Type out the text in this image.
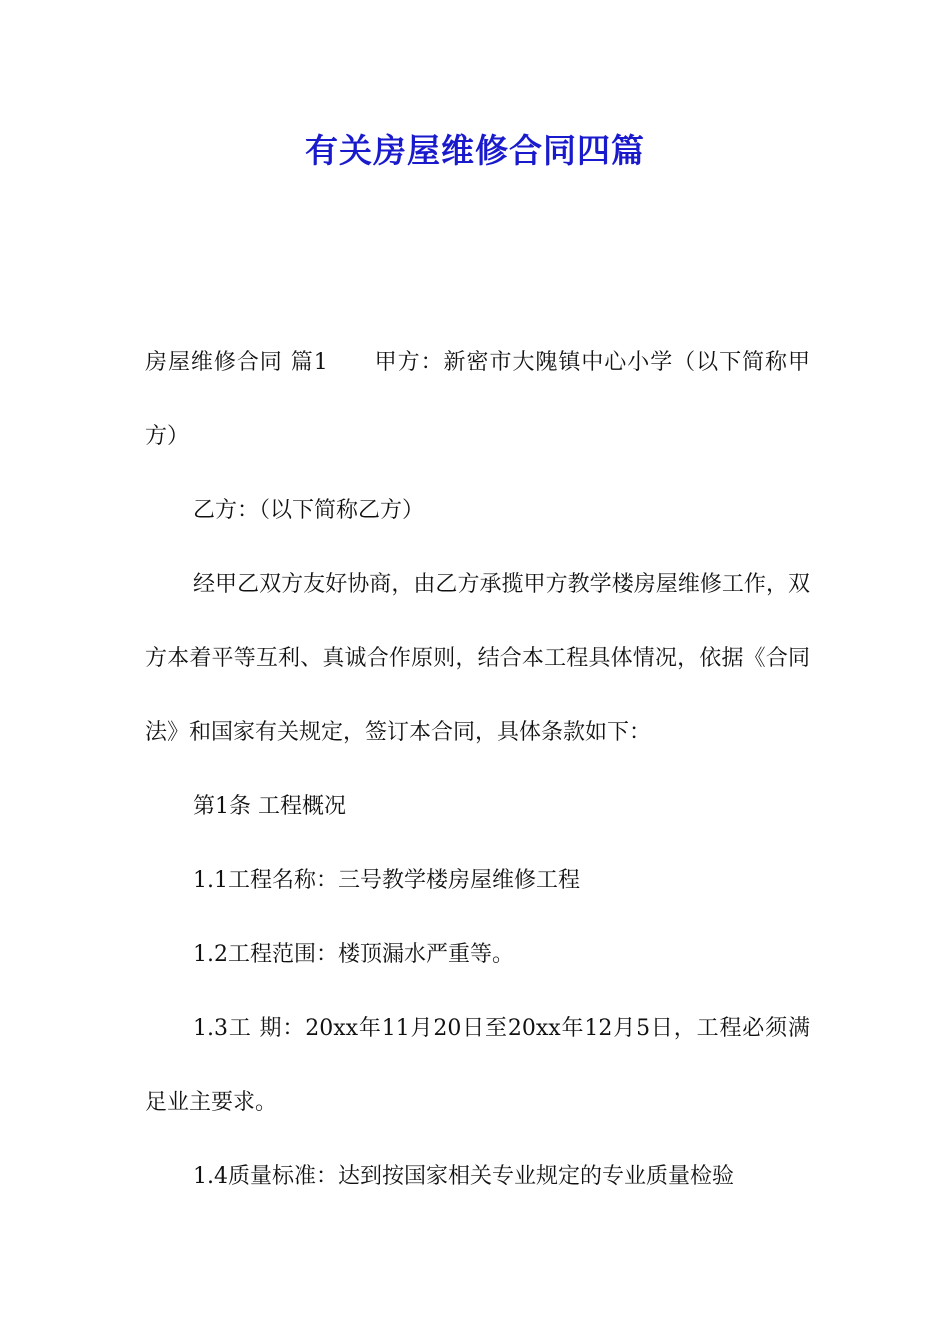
有关房屋维修合同四篇

房屋维修合同 篇1 甲方：新密市大隗镇中心小学（以下简称甲方）

乙方：（以下简称乙方）

经甲乙双方友好协商，由乙方承揽甲方教学楼房屋维修工作，双方本着平等互利、真诚合作原则，结合本工程具体情况，依据《合同法》和国家有关规定，签订本合同，具体条款如下：

第1条 工程概况

1.1工程名称：三号教学楼房屋维修工程

1.2工程范围：楼顶漏水严重等。

1.3工 期：20xx年11月20日至20xx年12月5日，工程必须满足业主要求。

1.4质量标准：达到按国家相关专业规定的专业质量检验
